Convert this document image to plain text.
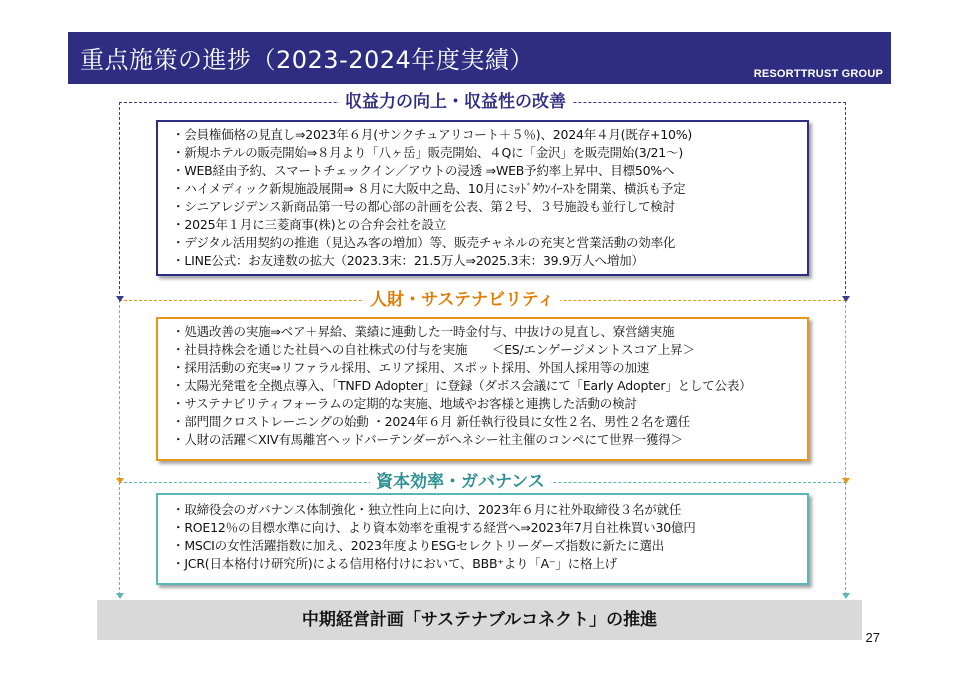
重点施策の進捗（2023-2024年度実績）	RESORTTRUST GROUP
・ 会員権価格の見直し⇒2023年６月(サンクチュアリコート＋５％)、2024年４月(既存+10%)
・ 新規ホテルの販売開始⇒８月より「八ヶ岳」販売開始、４Qに「金沢」を販売開始(3/21～)
・ WEB経由予約、スマートチェックイン／アウトの浸透 ⇒WEB予約率上昇中、目標50%へ
・ ハイメディック新規施設展開⇒ ８月に大阪中之島、10月にﾐｯﾄﾞﾀｳﾝｲｰｽﾄを開業、横浜も予定
・ シニアレジデンス新商品第一号の都心部の計画を公表、第２号、３号施設も並行して検討
・ 2025年１月に三菱商事(株)との合弁会社を設立
・ デジタル活用契約の推進（見込み客の増加）等、販売チャネルの充実と営業活動の効率化
・ LINE公式：お友達数の拡大（2023.3末：21.5万人⇒2025.3末：39.9万人へ増加）
・ 処遇改善の実施⇒ベア＋昇給、業績に連動した一時金付与、中抜けの見直し、寮営繕実施
・ 社員持株会を通じた社員への自社株式の付与を実施　　＜ES/エンゲージメントスコア上昇＞
・ 採用活動の充実⇒リファラル採用、エリア採用、スポット採用、外国人採用等の加速
・ 太陽光発電を全拠点導入、「TNFD Adopter」に登録（ダボス会議にて「Early Adopter」として公表）
・ サステナビリティフォーラムの定期的な実施、地域やお客様と連携した活動の検討
・ 部門間クロストレーニングの始動 ・2024年６月 新任執行役員に女性２名、男性２名を選任
・ 人財の活躍＜XIV有馬離宮ヘッドバーテンダーがヘネシー社主催のコンペにて世界一獲得＞
・ 取締役会のガバナンス体制強化・独立性向上に向け、2023年６月に社外取締役３名が就任
・ ROE12％の目標水準に向け、より資本効率を重視する経営へ⇒2023年7月自社株買い30億円
・ MSCIの女性活躍指数に加え、2023年度よりESGセレクトリーダーズ指数に新たに選出
・ JCR(日本格付け研究所)による信用格付けにおいて、BBB⁺より「A⁻」に格上げ
収益力の向上・収益性の改善
人財・サステナビリティ
資本効率・ガバナンス
中期経営計画「サステナブルコネクト」の推進
27
